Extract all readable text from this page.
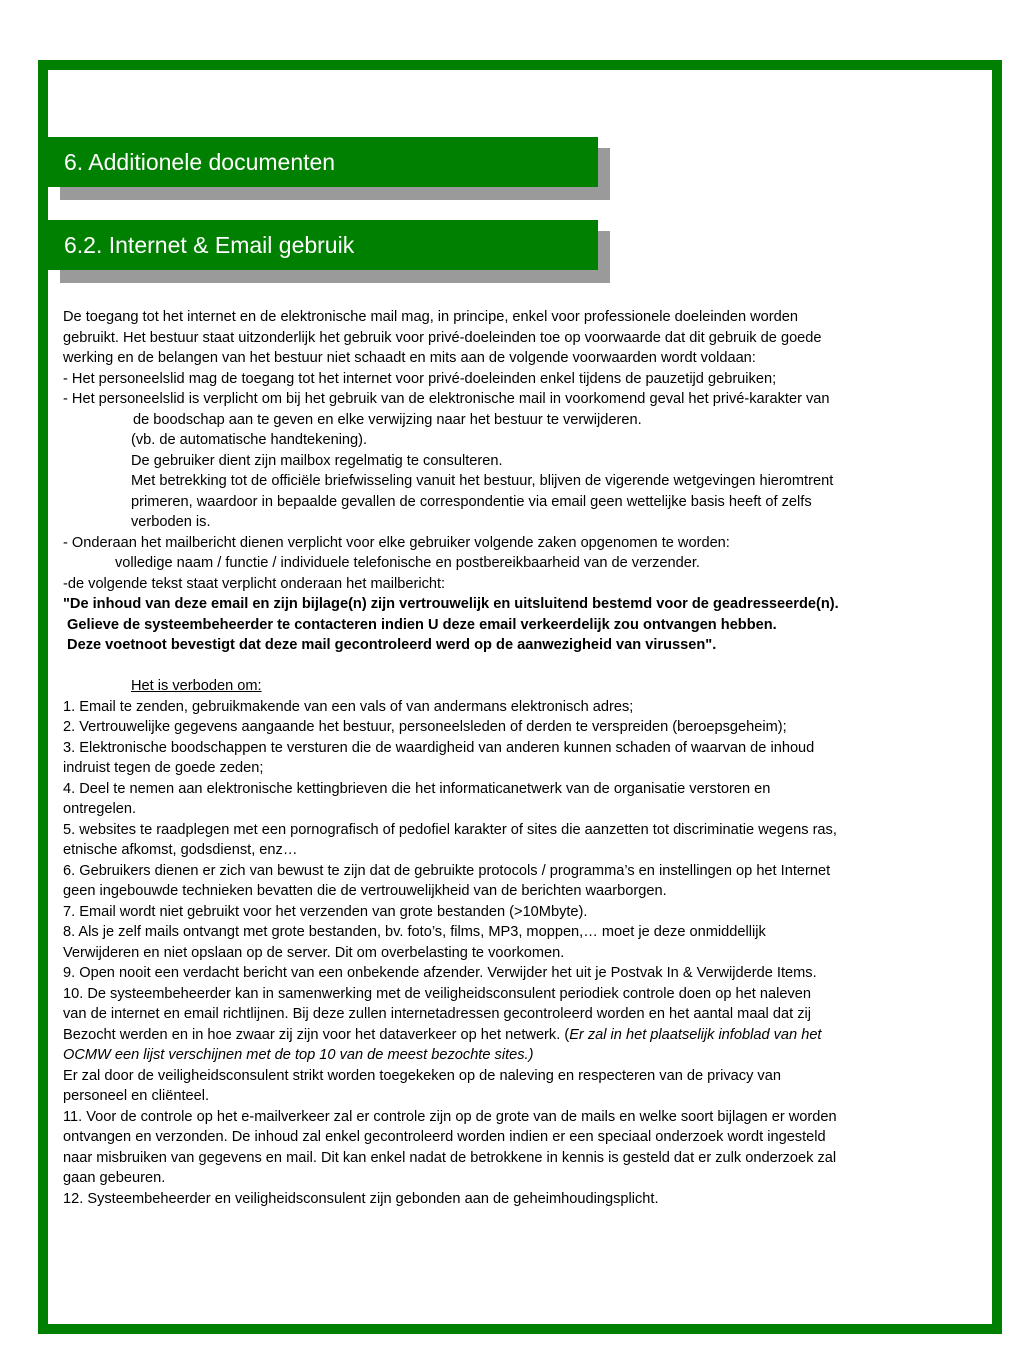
6. Additionele documenten
6.2. Internet & Email gebruik

De toegang tot het internet en de elektronische mail mag, in principe, enkel voor professionele doeleinden worden

gebruikt. Het bestuur staat uitzonderlijk het gebruik voor privé-doeleinden toe op voorwaarde dat dit gebruik de goede

werking en de belangen van het bestuur niet schaadt en mits aan de volgende voorwaarden wordt voldaan:

- Het personeelslid mag de toegang tot het internet voor privé-doeleinden enkel tijdens de pauzetijd gebruiken;

- Het personeelslid is verplicht om bij het gebruik van de elektronische mail in voorkomend geval het privé-karakter van

de boodschap aan te geven en elke verwijzing naar het bestuur te verwijderen.

(vb. de automatische handtekening).

De gebruiker dient zijn mailbox regelmatig te consulteren.

Met betrekking tot de officiële briefwisseling vanuit het bestuur, blijven de vigerende wetgevingen hieromtrent

primeren, waardoor in bepaalde gevallen de correspondentie via email geen wettelijke basis heeft of zelfs

verboden is.

- Onderaan het mailbericht dienen verplicht voor elke gebruiker volgende zaken opgenomen te worden:

volledige naam / functie / individuele telefonische en postbereikbaarheid van de verzender.

-de volgende tekst staat verplicht onderaan het mailbericht:

"De inhoud van deze email en zijn bijlage(n) zijn vertrouwelijk en uitsluitend bestemd voor de geadresseerde(n).

Gelieve de systeembeheerder te contacteren indien U deze email verkeerdelijk zou ontvangen hebben.

Deze voetnoot bevestigt dat deze mail gecontroleerd werd op de aanwezigheid van virussen".

Het is verboden om:

1. Email te zenden, gebruikmakende van een vals of van andermans elektronisch adres;

2. Vertrouwelijke gegevens aangaande het bestuur, personeelsleden of derden te verspreiden (beroepsgeheim);

3. Elektronische boodschappen te versturen die de waardigheid van anderen kunnen schaden of waarvan de inhoud

indruist tegen de goede zeden;

4. Deel te nemen aan elektronische kettingbrieven die het informaticanetwerk van de organisatie verstoren en

ontregelen.

5. websites te raadplegen met een pornografisch of pedofiel karakter of sites die aanzetten tot discriminatie wegens ras,

etnische afkomst, godsdienst, enz…

6. Gebruikers dienen er zich van bewust te zijn dat de gebruikte protocols / programma’s en instellingen op het Internet

geen ingebouwde technieken bevatten die de vertrouwelijkheid van de berichten waarborgen.

7. Email wordt niet gebruikt voor het verzenden van grote bestanden (>10Mbyte).

8. Als je zelf mails ontvangt met grote bestanden, bv. foto’s, films, MP3, moppen,… moet je deze onmiddellijk

Verwijderen en niet opslaan op de server. Dit om overbelasting te voorkomen.

9. Open nooit een verdacht bericht van een onbekende afzender. Verwijder het uit je Postvak In & Verwijderde Items.

10. De systeembeheerder kan in samenwerking met de veiligheidsconsulent periodiek controle doen op het naleven

van de internet en email richtlijnen. Bij deze zullen internetadressen gecontroleerd worden en het aantal maal dat zij

Bezocht werden en in hoe zwaar zij zijn voor het dataverkeer op het netwerk. (Er zal in het plaatselijk infoblad van het

OCMW een lijst verschijnen met de top 10 van de meest bezochte sites.)

Er zal door de veiligheidsconsulent strikt worden toegekeken op de naleving en respecteren van de privacy van

personeel en cliënteel.

11. Voor de controle op het e-mailverkeer zal er controle zijn op de grote van de mails en welke soort bijlagen er worden

ontvangen en verzonden. De inhoud zal enkel gecontroleerd worden indien er een speciaal onderzoek wordt ingesteld

naar misbruiken van gegevens en mail. Dit kan enkel nadat de betrokkene in kennis is gesteld dat er zulk onderzoek zal

gaan gebeuren.

12. Systeembeheerder en veiligheidsconsulent zijn gebonden aan de geheimhoudingsplicht.
